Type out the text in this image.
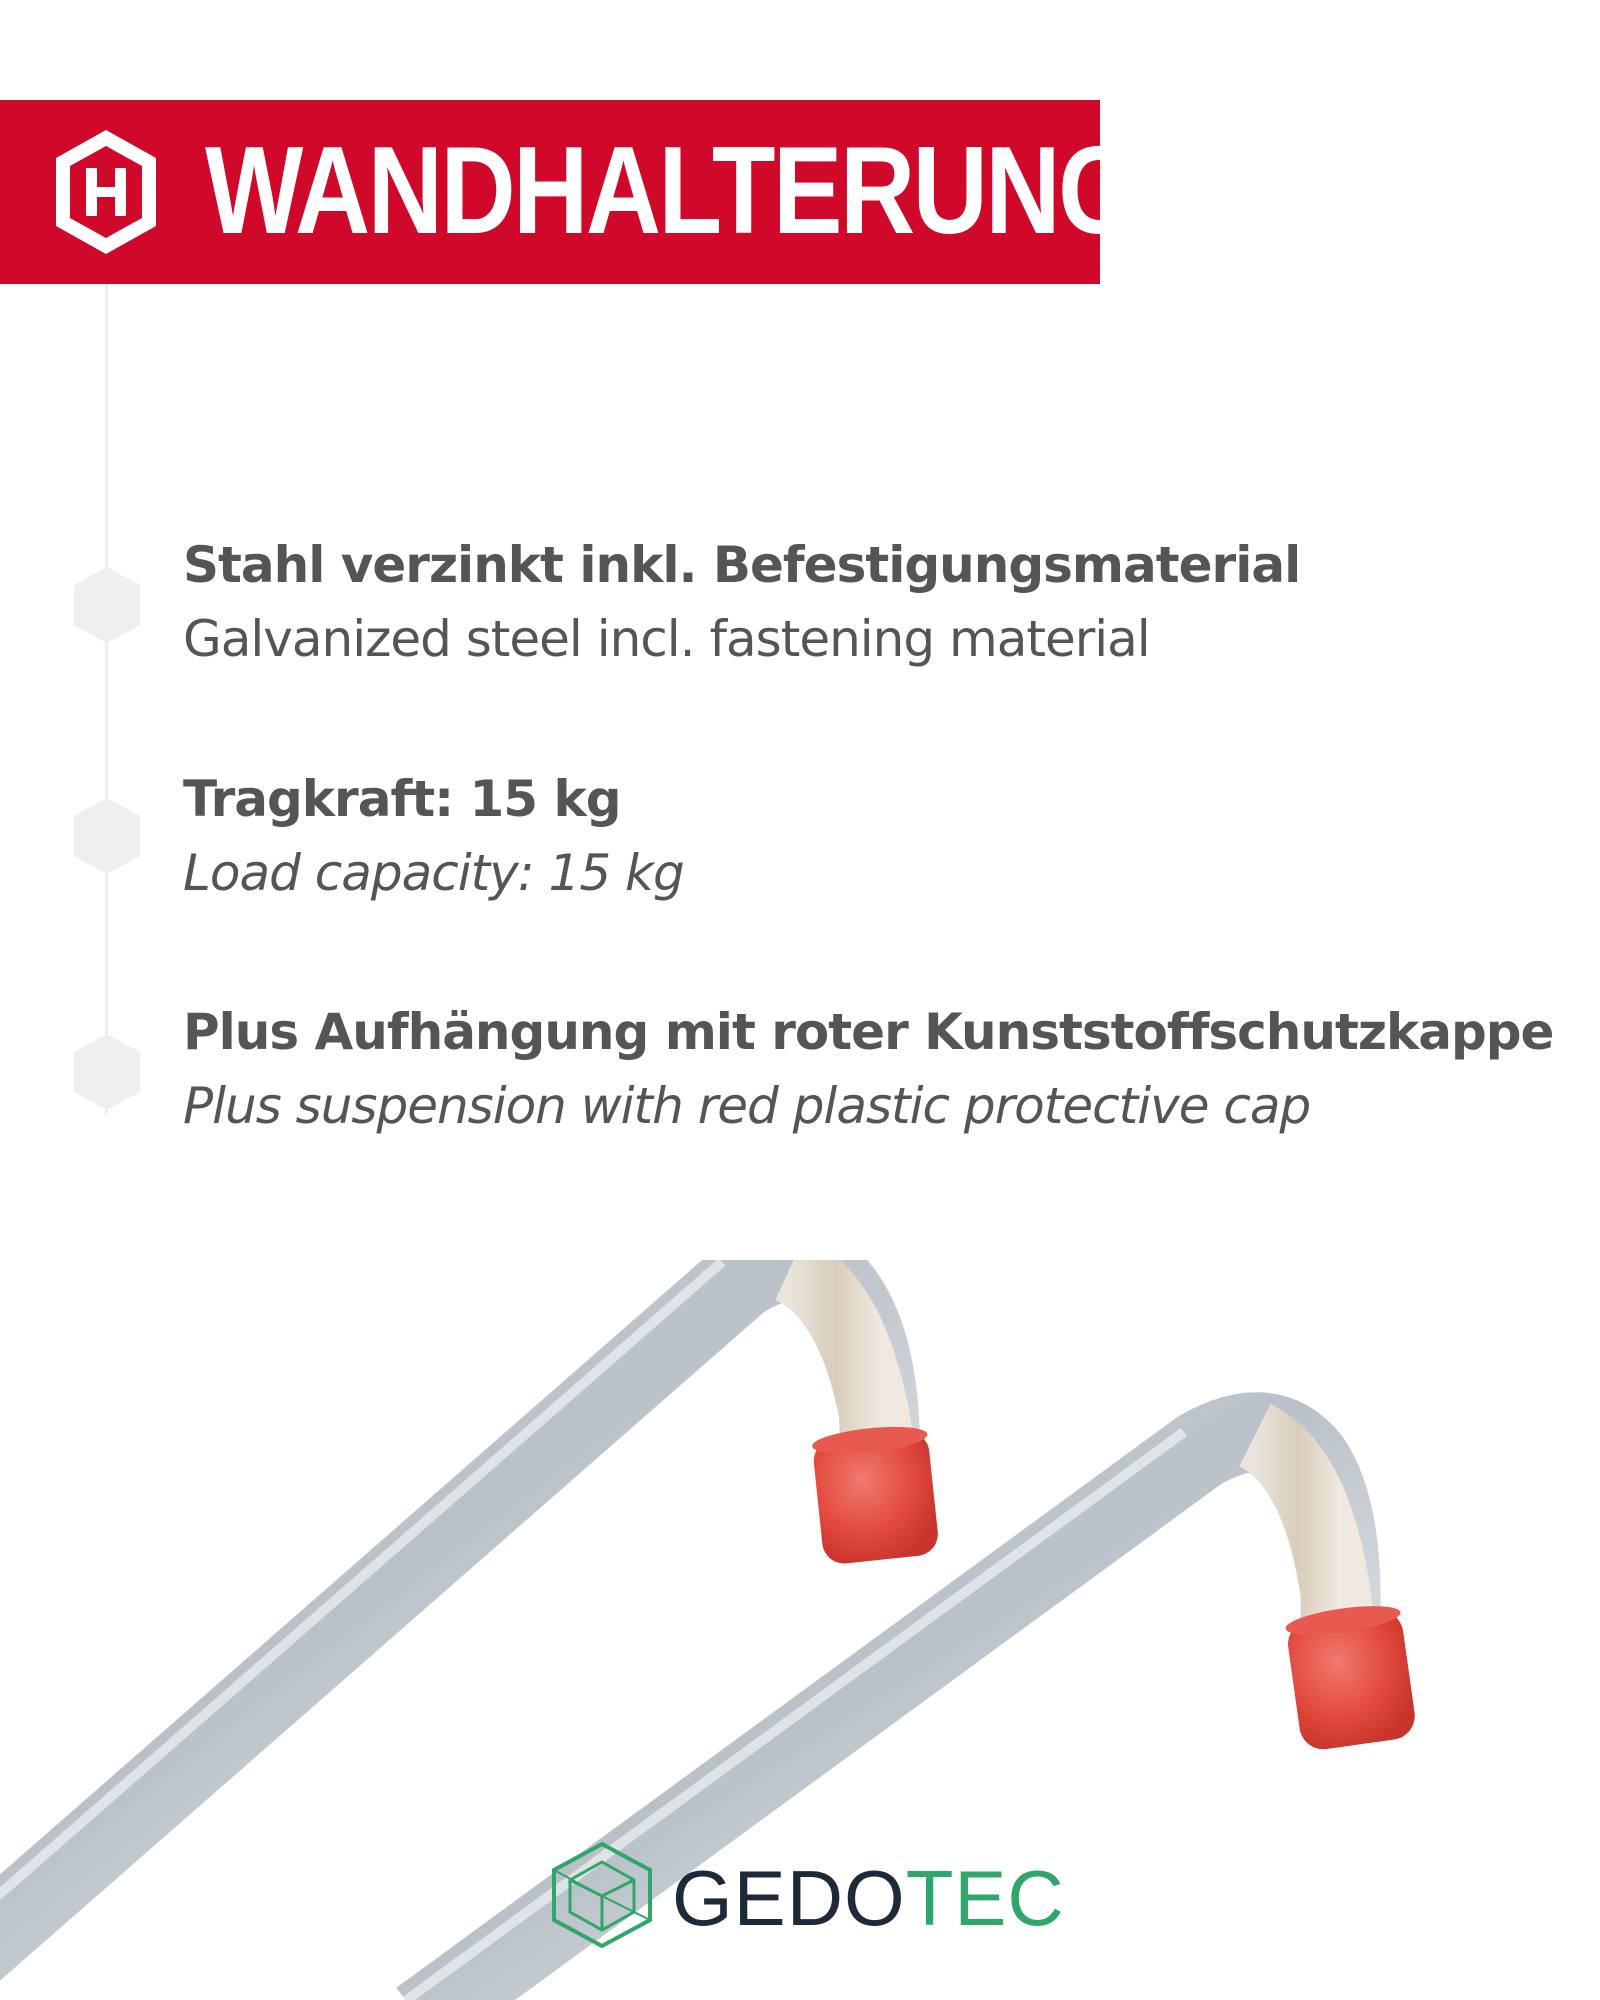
WANDHALTERUNG
Stahl verzinkt inkl. Befestigungsmaterial
Galvanized steel incl. fastening material
Tragkraft: 15 kg
Load capacity: 15 kg
Plus Aufhängung mit roter Kunststoffschutzkappe
Plus suspension with red plastic protective cap
GEDOTEC
